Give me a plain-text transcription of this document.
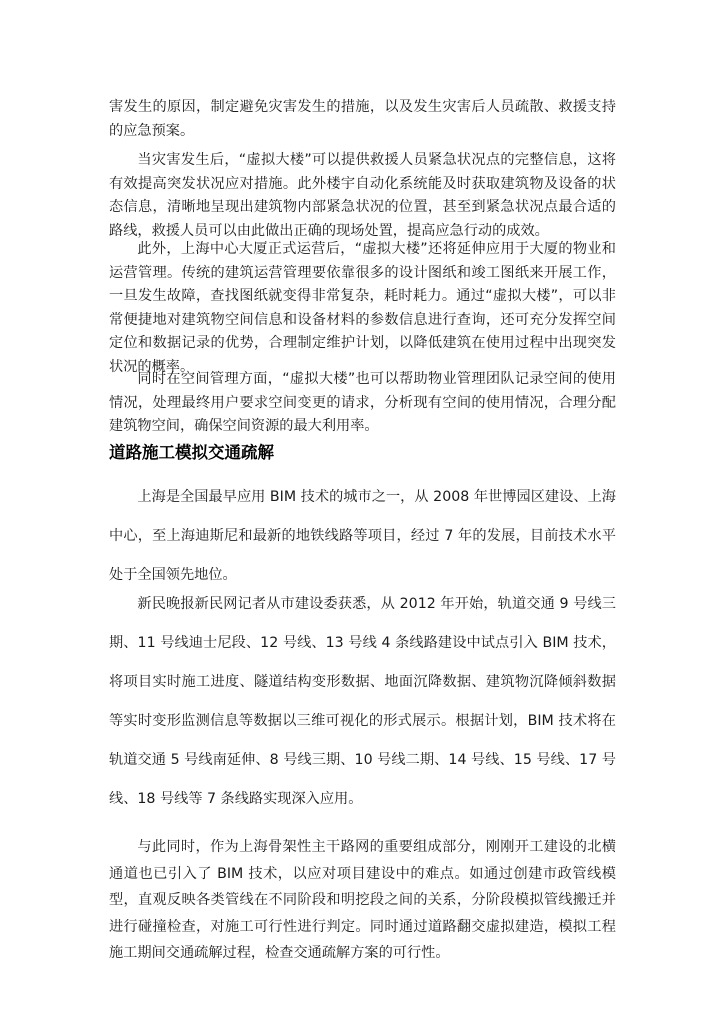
害发生的原因，制定避免灾害发生的措施，以及发生灾害后人员疏散、救援支持的应急预案。

当灾害发生后，“虚拟大楼”可以提供救援人员紧急状况点的完整信息，这将有效提高突发状况应对措施。此外楼宇自动化系统能及时获取建筑物及设备的状态信息，清晰地呈现出建筑物内部紧急状况的位置，甚至到紧急状况点最合适的路线，救援人员可以由此做出正确的现场处置，提高应急行动的成效。

此外，上海中心大厦正式运营后，“虚拟大楼”还将延伸应用于大厦的物业和运营管理。传统的建筑运营管理要依靠很多的设计图纸和竣工图纸来开展工作，一旦发生故障，查找图纸就变得非常复杂，耗时耗力。通过“虚拟大楼”，可以非常便捷地对建筑物空间信息和设备材料的参数信息进行查询，还可充分发挥空间定位和数据记录的优势，合理制定维护计划，以降低建筑在使用过程中出现突发状况的概率。

同时在空间管理方面，“虚拟大楼”也可以帮助物业管理团队记录空间的使用情况，处理最终用户要求空间变更的请求，分析现有空间的使用情况，合理分配建筑物空间，确保空间资源的最大利用率。

道路施工模拟交通疏解

上海是全国最早应用 BIM 技术的城市之一，从 2008 年世博园区建设、上海中心，至上海迪斯尼和最新的地铁线路等项目，经过 7 年的发展，目前技术水平处于全国领先地位。

新民晚报新民网记者从市建设委获悉，从 2012 年开始，轨道交通 9 号线三期、11 号线迪士尼段、12 号线、13 号线 4 条线路建设中试点引入 BIM 技术，将项目实时施工进度、隧道结构变形数据、地面沉降数据、建筑物沉降倾斜数据等实时变形监测信息等数据以三维可视化的形式展示。根据计划，BIM 技术将在轨道交通 5 号线南延伸、8 号线三期、10 号线二期、14 号线、15 号线、17 号线、18 号线等 7 条线路实现深入应用。

与此同时，作为上海骨架性主干路网的重要组成部分，刚刚开工建设的北横通道也已引入了 BIM 技术，以应对项目建设中的难点。如通过创建市政管线模型，直观反映各类管线在不同阶段和明挖段之间的关系，分阶段模拟管线搬迁并进行碰撞检查，对施工可行性进行判定。同时通过道路翻交虚拟建造，模拟工程施工期间交通疏解过程，检查交通疏解方案的可行性。
